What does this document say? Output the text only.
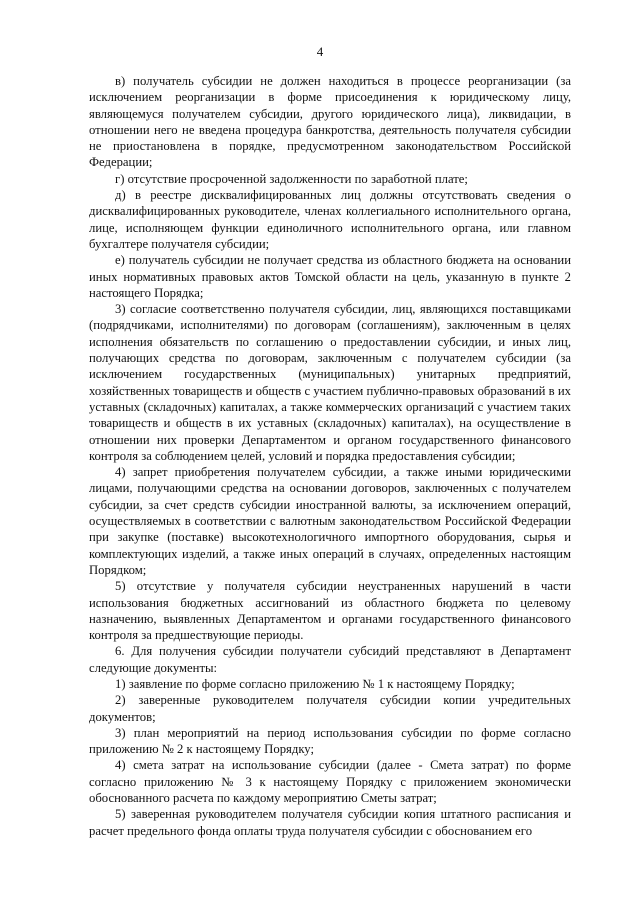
4

в) получатель субсидии не должен находиться в процессе реорганизации (за исключением реорганизации в форме присоединения к юридическому лицу, являющемуся получателем субсидии, другого юридического лица), ликвидации, в отношении него не введена процедура банкротства, деятельность получателя субсидии не приостановлена в порядке, предусмотренном законодательством Российской Федерации;

г) отсутствие просроченной задолженности по заработной плате;

д) в реестре дисквалифицированных лиц должны отсутствовать сведения о дисквалифицированных руководителе, членах коллегиального исполнительного органа, лице, исполняющем функции единоличного исполнительного органа, или главном бухгалтере получателя субсидии;

е) получатель субсидии не получает средства из областного бюджета на основании иных нормативных правовых актов Томской области на цель, указанную в пункте 2 настоящего Порядка;

3) согласие соответственно получателя субсидии, лиц, являющихся поставщиками (подрядчиками, исполнителями) по договорам (соглашениям), заключенным в целях исполнения обязательств по соглашению о предоставлении субсидии, и иных лиц, получающих средства по договорам, заключенным с получателем субсидии (за исключением государственных (муниципальных) унитарных предприятий, хозяйственных товариществ и обществ с участием публично-правовых образований в их уставных (складочных) капиталах, а также коммерческих организаций с участием таких товариществ и обществ в их уставных (складочных) капиталах), на осуществление в отношении них проверки Департаментом и органом государственного финансового контроля за соблюдением целей, условий и порядка предоставления субсидии;

4) запрет приобретения получателем субсидии, а также иными юридическими лицами, получающими средства на основании договоров, заключенных с получателем субсидии, за счет средств субсидии иностранной валюты, за исключением операций, осуществляемых в соответствии с валютным законодательством Российской Федерации при закупке (поставке) высокотехнологичного импортного оборудования, сырья и комплектующих изделий, а также иных операций в случаях, определенных настоящим Порядком;

5) отсутствие у получателя субсидии неустраненных нарушений в части использования бюджетных ассигнований из областного бюджета по целевому назначению, выявленных Департаментом и органами государственного финансового контроля за предшествующие периоды.

6. Для получения субсидии получатели субсидий представляют в Департамент следующие документы:

1) заявление по форме согласно приложению № 1 к настоящему Порядку;

2) заверенные руководителем получателя субсидии копии учредительных документов;

3) план мероприятий на период использования субсидии по форме согласно приложению № 2 к настоящему Порядку;

4) смета затрат на использование субсидии (далее - Смета затрат) по форме согласно приложению № 3 к настоящему Порядку с приложением экономически обоснованного расчета по каждому мероприятию Сметы затрат;

5) заверенная руководителем получателя субсидии копия штатного расписания и расчет предельного фонда оплаты труда получателя субсидии с обоснованием его
